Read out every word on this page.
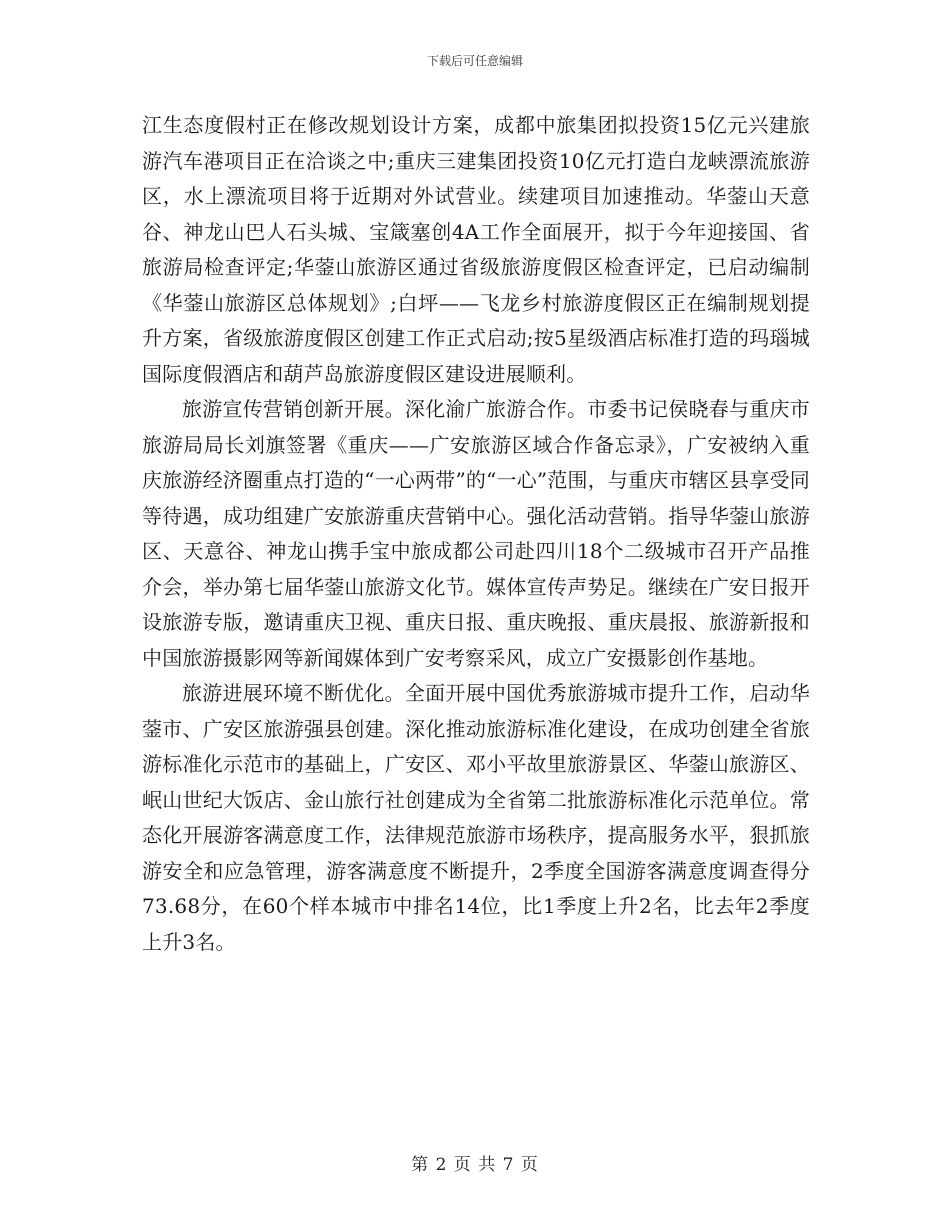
下载后可任意编辑

江生态度假村正在修改规划设计方案，成都中旅集团拟投资15亿元兴建旅游汽车港项目正在洽谈之中;重庆三建集团投资10亿元打造白龙峡漂流旅游区，水上漂流项目将于近期对外试营业。续建项目加速推动。华蓥山天意谷、神龙山巴人石头城、宝箴塞创4A工作全面展开，拟于今年迎接国、省旅游局检查评定;华蓥山旅游区通过省级旅游度假区检查评定，已启动编制《华蓥山旅游区总体规划》;白坪——飞龙乡村旅游度假区正在编制规划提升方案，省级旅游度假区创建工作正式启动;按5星级酒店标准打造的玛瑙城国际度假酒店和葫芦岛旅游度假区建设进展顺利。

旅游宣传营销创新开展。深化渝广旅游合作。市委书记侯晓春与重庆市旅游局局长刘旗签署《重庆——广安旅游区域合作备忘录》，广安被纳入重庆旅游经济圈重点打造的“一心两带”的“一心”范围，与重庆市辖区县享受同等待遇，成功组建广安旅游重庆营销中心。强化活动营销。指导华蓥山旅游区、天意谷、神龙山携手宝中旅成都公司赴四川18个二级城市召开产品推介会，举办第七届华蓥山旅游文化节。媒体宣传声势足。继续在广安日报开设旅游专版，邀请重庆卫视、重庆日报、重庆晚报、重庆晨报、旅游新报和中国旅游摄影网等新闻媒体到广安考察采风，成立广安摄影创作基地。

旅游进展环境不断优化。全面开展中国优秀旅游城市提升工作，启动华蓥市、广安区旅游强县创建。深化推动旅游标准化建设，在成功创建全省旅游标准化示范市的基础上，广安区、邓小平故里旅游景区、华蓥山旅游区、岷山世纪大饭店、金山旅行社创建成为全省第二批旅游标准化示范单位。常态化开展游客满意度工作，法律规范旅游市场秩序，提高服务水平，狠抓旅游安全和应急管理，游客满意度不断提升，2季度全国游客满意度调查得分73.68分，在60个样本城市中排名14位，比1季度上升2名，比去年2季度上升3名。

第 2 页 共 7 页
